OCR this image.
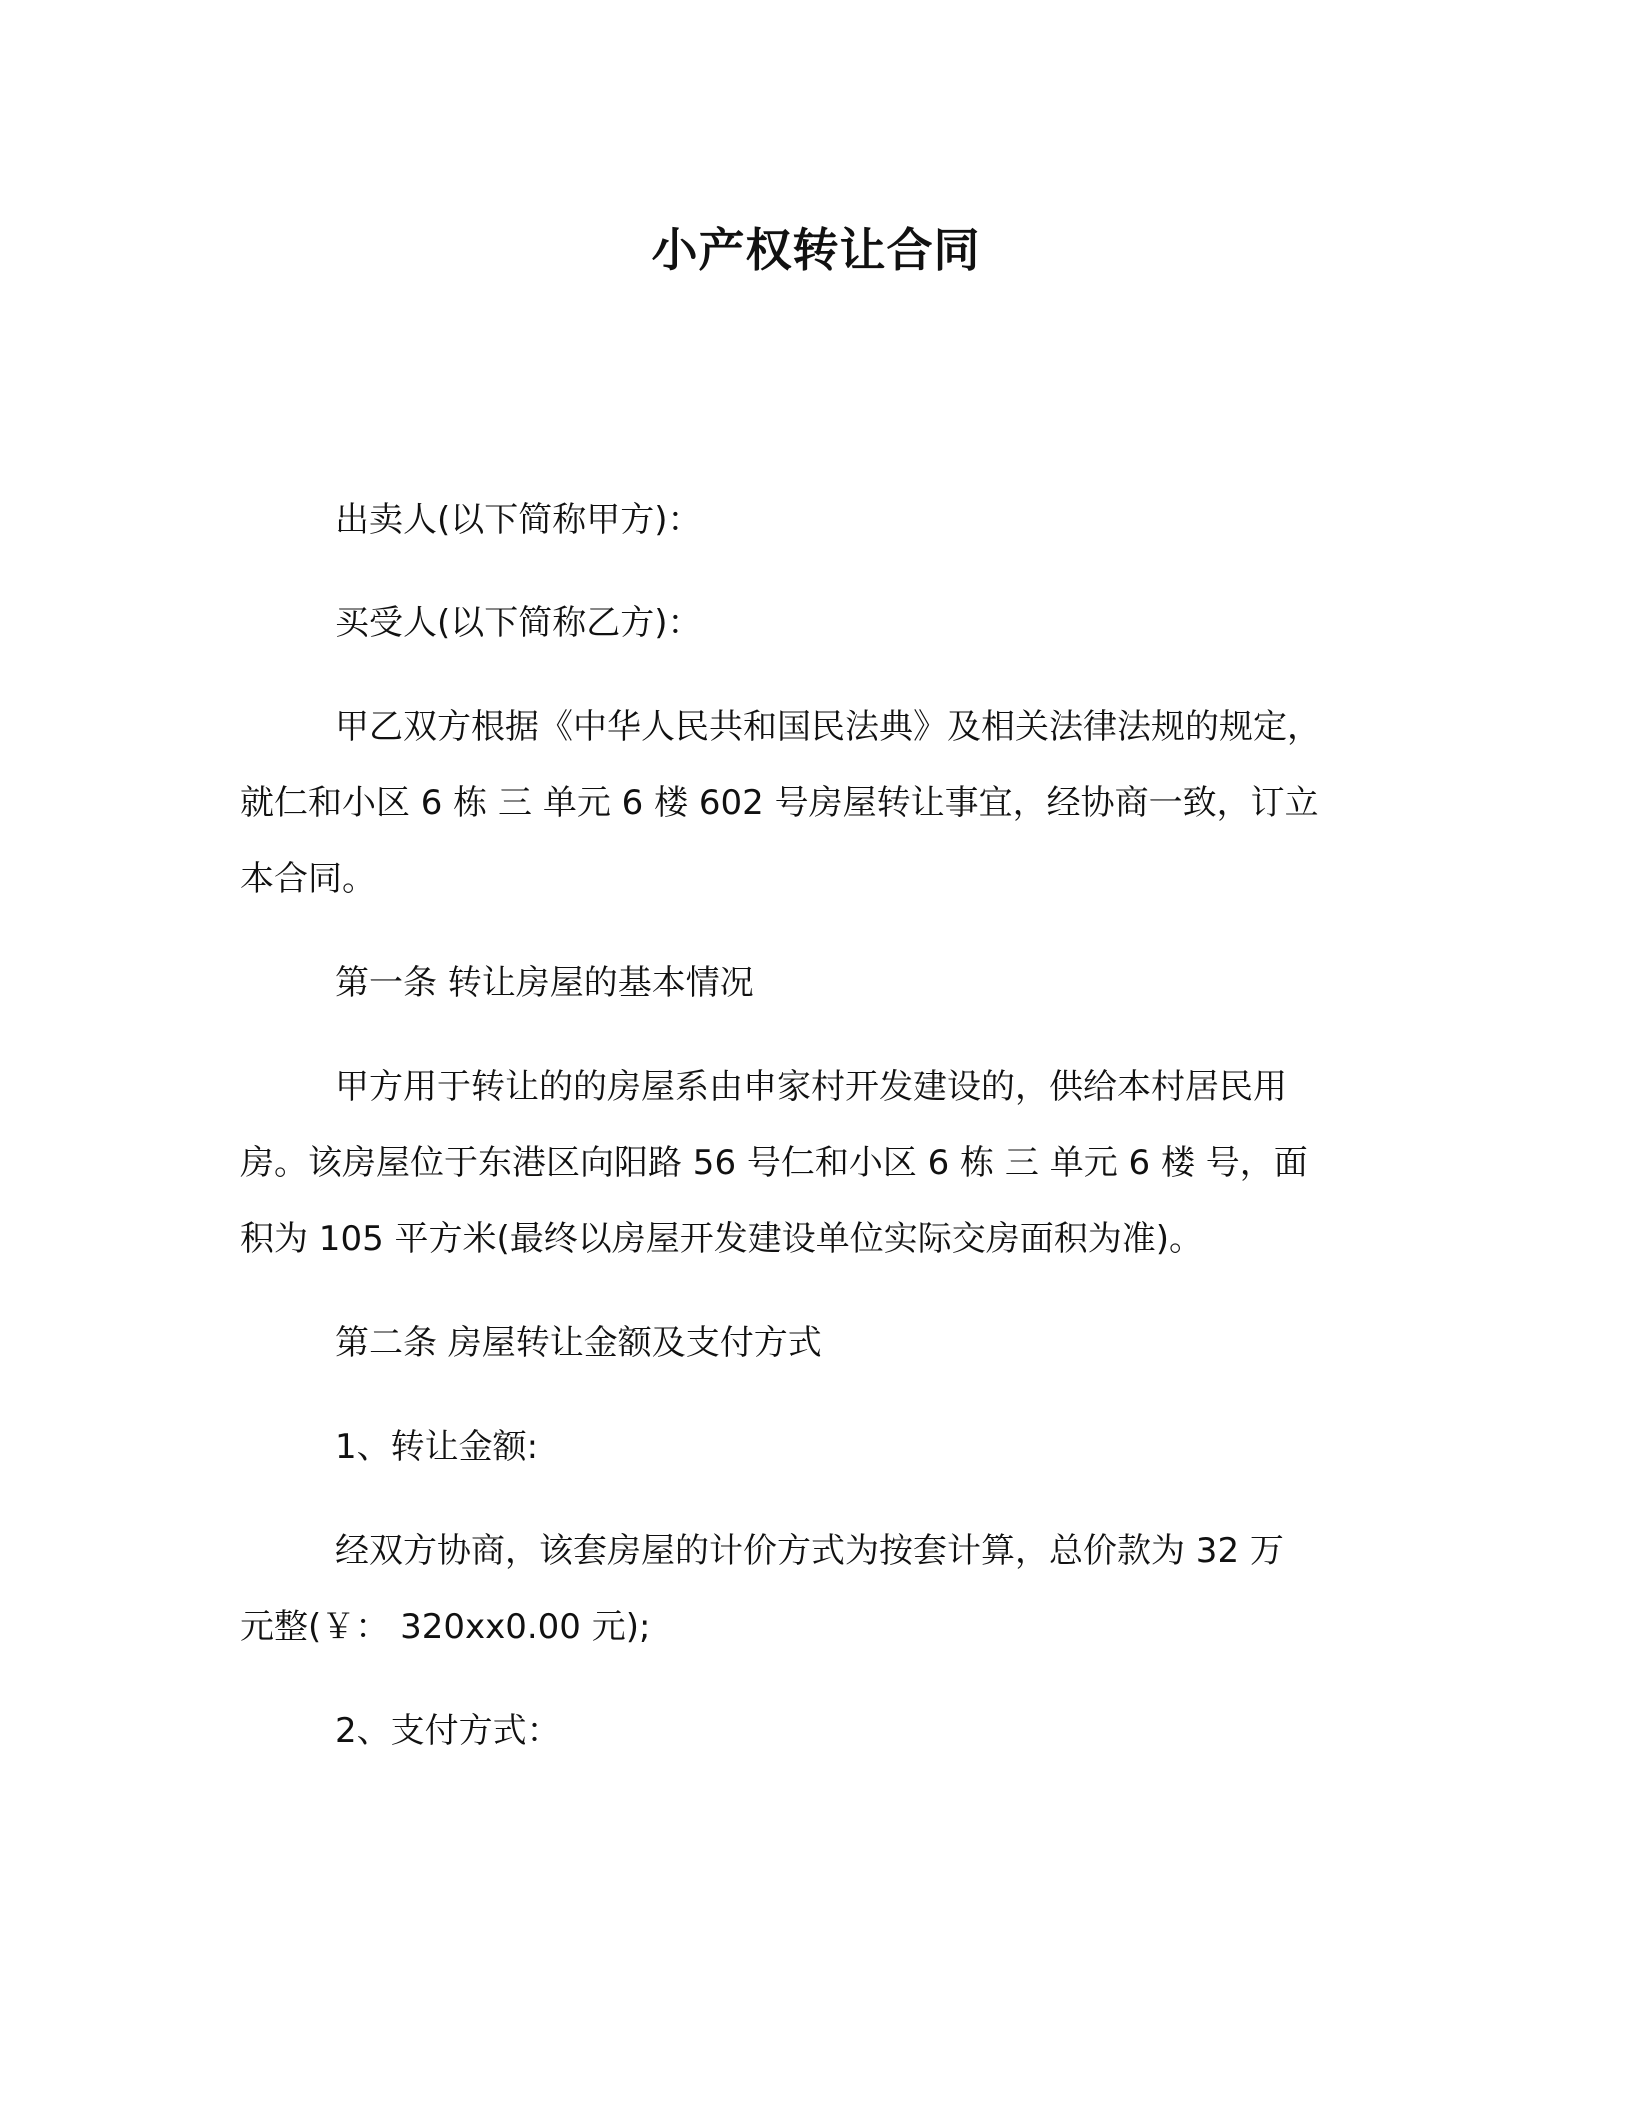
小产权转让合同
出卖人(以下简称甲方)：
买受人(以下简称乙方)：
甲乙双方根据《中华人民共和国民法典》及相关法律法规的规定，
就仁和小区 6 栋 三 单元 6 楼 602 号房屋转让事宜，经协商一致，订立
本合同。
第一条 转让房屋的基本情况
甲方用于转让的的房屋系由申家村开发建设的，供给本村居民用
房。该房屋位于东港区向阳路 56 号仁和小区 6 栋 三 单元 6 楼 号，面
积为 105 平方米(最终以房屋开发建设单位实际交房面积为准)。
第二条 房屋转让金额及支付方式
1、转让金额:
经双方协商，该套房屋的计价方式为按套计算，总价款为 32 万
元整(￥： 320xx0.00 元);
2、支付方式：
